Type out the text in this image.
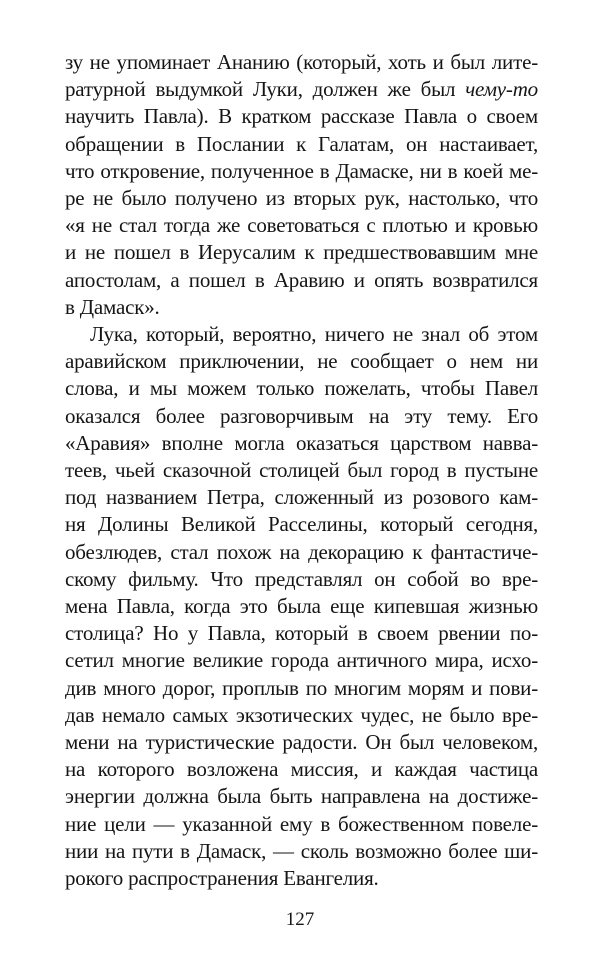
зу не упоминает Ананию (который, хоть и был лите-
ратурной выдумкой Луки, должен же был чему-то
научить Павла). В кратком рассказе Павла о своем
обращении в Послании к Галатам, он настаивает,
что откровение, полученное в Дамаске, ни в коей ме-
ре не было получено из вторых рук, настолько, что
«я не стал тогда же советоваться с плотью и кровью
и не пошел в Иерусалим к предшествовавшим мне
апостолам, а пошел в Аравию и опять возвратился
в Дамаск».
Лука, который, вероятно, ничего не знал об этом
аравийском приключении, не сообщает о нем ни
слова, и мы можем только пожелать, чтобы Павел
оказался более разговорчивым на эту тему. Его
«Аравия» вполне могла оказаться царством навва-
теев, чьей сказочной столицей был город в пустыне
под названием Петра, сложенный из розового кам-
ня Долины Великой Расселины, который сегодня,
обезлюдев, стал похож на декорацию к фантастиче-
скому фильму. Что представлял он собой во вре-
мена Павла, когда это была еще кипевшая жизнью
столица? Но у Павла, который в своем рвении по-
сетил многие великие города античного мира, исхо-
див много дорог, проплыв по многим морям и пови-
дав немало самых экзотических чудес, не было вре-
мени на туристические радости. Он был человеком,
на которого возложена миссия, и каждая частица
энергии должна была быть направлена на достиже-
ние цели — указанной ему в божественном повеле-
нии на пути в Дамаск, — сколь возможно более ши-
рокого распространения Евангелия.
127
